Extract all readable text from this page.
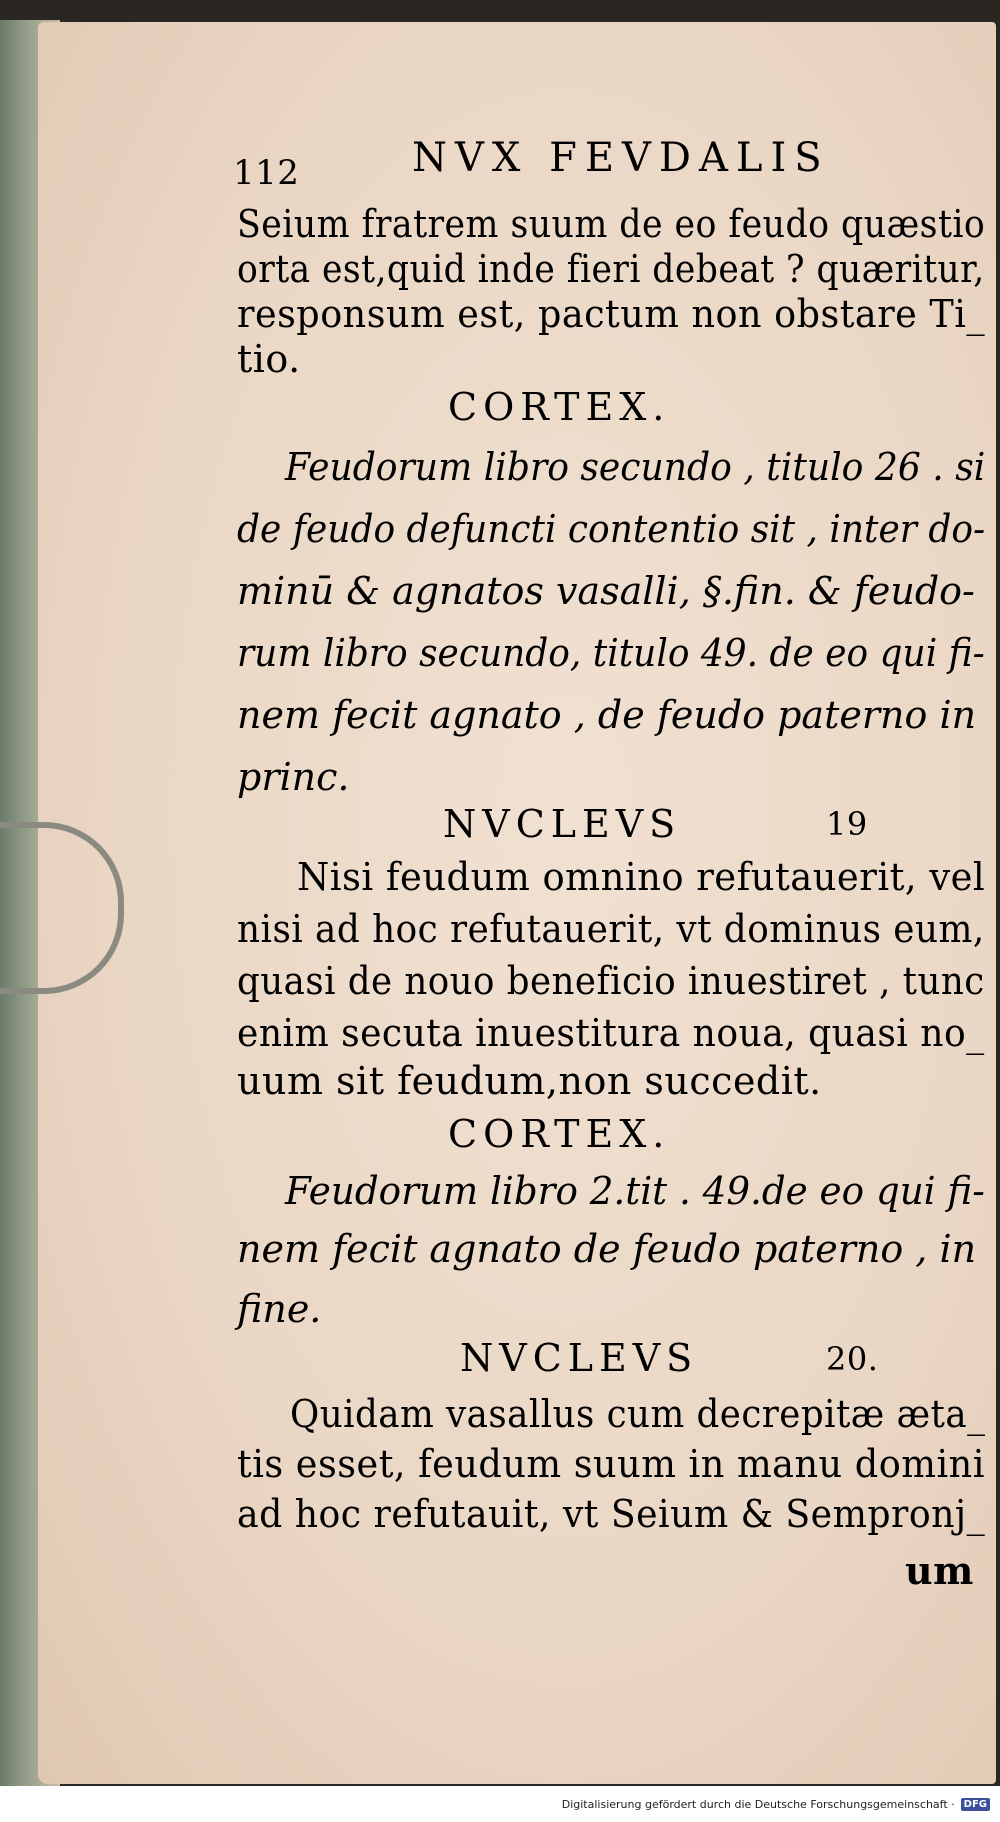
112	NVX FEVDALIS
Seium fratrem suum de eo feudo quæstio
orta est,quid inde fieri debeat ? quæritur,
responsum est, pactum non obstare Ti_
tio.
CORTEX.
Feudorum libro secundo , titulo 26 . si
de feudo defuncti contentio sit , inter do-
minū & agnatos vasalli, §.fin. & feudo-
rum libro secundo, titulo 49. de eo qui fi-
nem fecit agnato , de feudo paterno in
princ.
NVCLEVS	19
Nisi feudum omnino refutauerit, vel
nisi ad hoc refutauerit, vt dominus eum,
quasi de nouo beneficio inuestiret , tunc
enim secuta inuestitura noua, quasi no_
uum sit feudum,non succedit.
CORTEX.
Feudorum libro 2.tit . 49.de eo qui fi-
nem fecit agnato de feudo paterno , in
fine.
NVCLEVS	20.
Quidam vasallus cum decrepitæ æta_
tis esset, feudum suum in manu domini
ad hoc refutauit, vt Seium & Sempronj_
um
Digitalisierung gefördert durch die Deutsche Forschungsgemeinschaft · DFG
